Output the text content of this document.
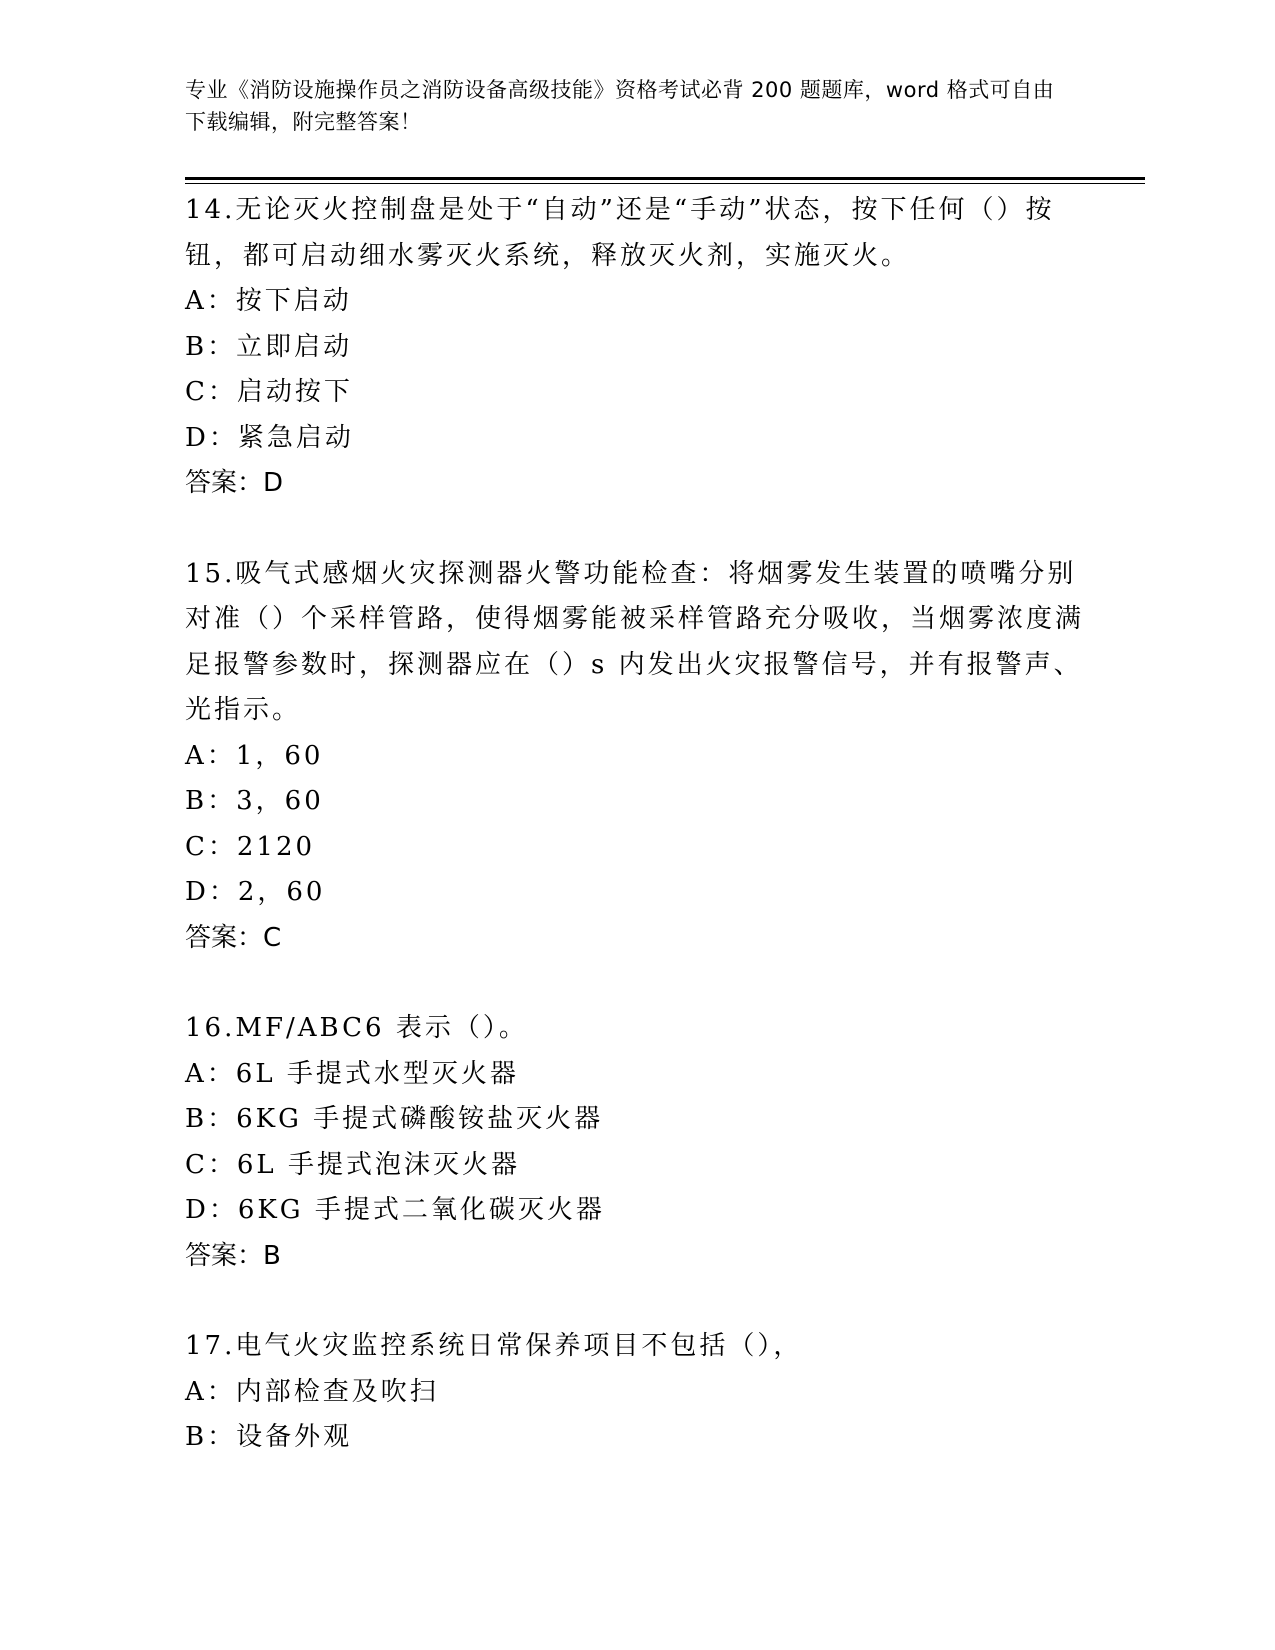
专业《消防设施操作员之消防设备高级技能》资格考试必背 200 题题库，word 格式可自由下载编辑，附完整答案！

14.无论灭火控制盘是处于“自动”还是“手动”状态，按下任何（）按钮，都可启动细水雾灭火系统，释放灭火剂，实施灭火。

A：按下启动

B：立即启动

C：启动按下

D：紧急启动

答案：D

15.吸气式感烟火灾探测器火警功能检查：将烟雾发生装置的喷嘴分别对准（）个采样管路，使得烟雾能被采样管路充分吸收，当烟雾浓度满足报警参数时，探测器应在（）s 内发出火灾报警信号，并有报警声、光指示。

A：1，60

B：3，60

C：2120

D：2，60

答案：C

16.MF/ABC6 表示（）。

A：6L 手提式水型灭火器

B：6KG 手提式磷酸铵盐灭火器

C：6L 手提式泡沫灭火器

D：6KG 手提式二氧化碳灭火器

答案：B

17.电气火灾监控系统日常保养项目不包括（），

A：内部检查及吹扫

B：设备外观
